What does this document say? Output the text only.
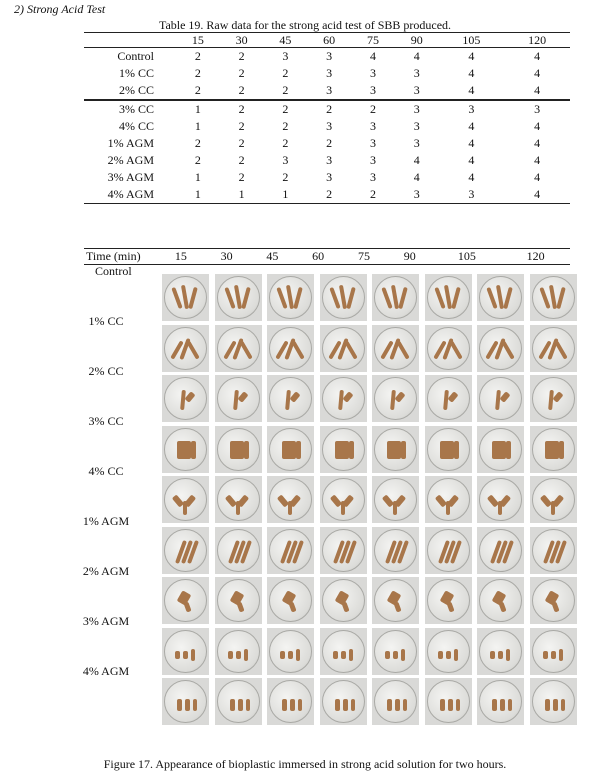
2) Strong Acid Test
Table 19. Raw data for the strong acid test of SBB produced.
	15	30	45	60	75	90	105	120
Control	2	2	3	3	4	4	4	4
1% CC	2	2	2	3	3	3	4	4
2% CC	2	2	2	3	3	3	4	4
3% CC	1	2	2	2	2	3	3	3
4% CC	1	2	2	3	3	3	4	4
1% AGM	2	2	2	2	3	3	4	4
2% AGM	2	2	3	3	3	4	4	4
3% AGM	1	2	2	3	3	4	4	4
4% AGM	1	1	1	2	2	3	3	4
Time (min)	15	30	45	60	75	90	105	120
Control
1% CC
2% CC
3% CC
4% CC
1% AGM
2% AGM
3% AGM
4% AGM
Figure 17. Appearance of bioplastic immersed in strong acid solution for two hours.
